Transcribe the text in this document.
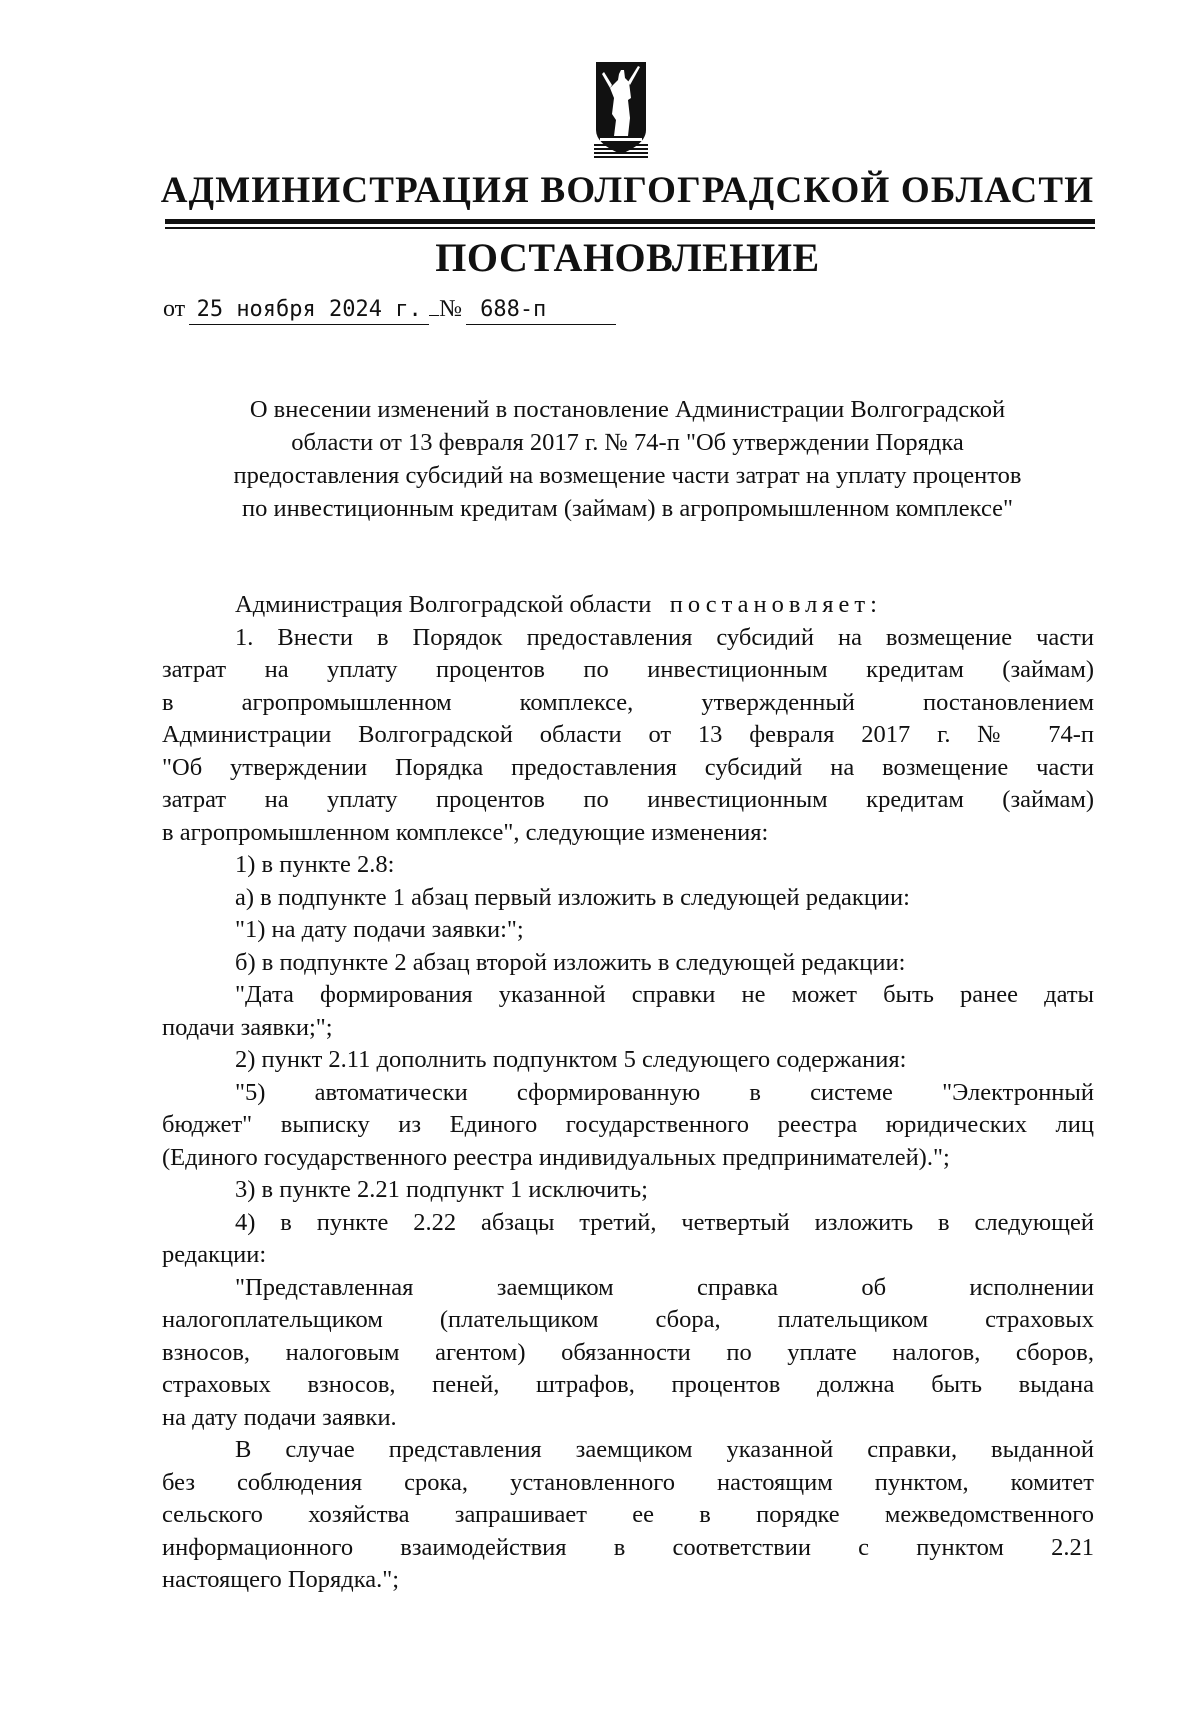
АДМИНИСТРАЦИЯ ВОЛГОГРАДСКОЙ ОБЛАСТИ
ПОСТАНОВЛЕНИЕ
от 25 ноября 2024 г. № 688-п
О внесении изменений в постановление Администрации Волгоградской
области от 13 февраля 2017 г. № 74-п "Об утверждении Порядка
предоставления субсидий на возмещение части затрат на уплату процентов
по инвестиционным кредитам (займам) в агропромышленном комплексе"

Администрация Волгоградской области постановляет:

1. Внести в Порядок предоставления субсидий на возмещение части
затрат на уплату процентов по инвестиционным кредитам (займам)
в агропромышленном комплексе, утвержденный постановлением
Администрации Волгоградской области от 13 февраля 2017 г. № 74-п
"Об утверждении Порядка предоставления субсидий на возмещение части
затрат на уплату процентов по инвестиционным кредитам (займам)
в агропромышленном комплексе", следующие изменения:

1) в пункте 2.8:

а) в подпункте 1 абзац первый изложить в следующей редакции:

"1) на дату подачи заявки:";

б) в подпункте 2 абзац второй изложить в следующей редакции:

"Дата формирования указанной справки не может быть ранее даты
подачи заявки;";

2) пункт 2.11 дополнить подпунктом 5 следующего содержания:

"5) автоматически сформированную в системе "Электронный
бюджет" выписку из Единого государственного реестра юридических лиц
(Единого государственного реестра индивидуальных предпринимателей).";

3) в пункте 2.21 подпункт 1 исключить;

4) в пункте 2.22 абзацы третий, четвертый изложить в следующей
редакции:

"Представленная заемщиком справка об исполнении
налогоплательщиком (плательщиком сбора, плательщиком страховых
взносов, налоговым агентом) обязанности по уплате налогов, сборов,
страховых взносов, пеней, штрафов, процентов должна быть выдана
на дату подачи заявки.

В случае представления заемщиком указанной справки, выданной
без соблюдения срока, установленного настоящим пунктом, комитет
сельского хозяйства запрашивает ее в порядке межведомственного
информационного взаимодействия в соответствии с пунктом 2.21
настоящего Порядка.";
